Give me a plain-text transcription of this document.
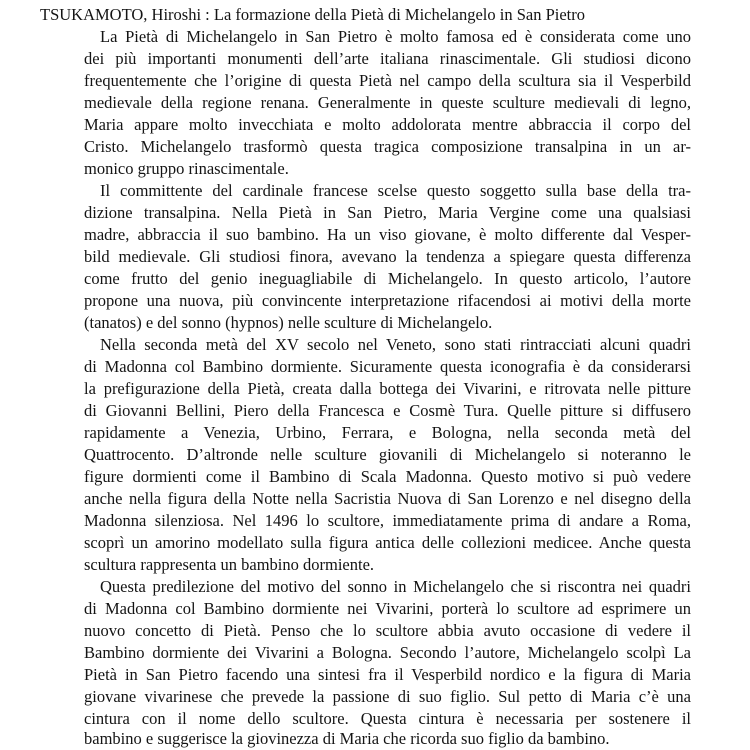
TSUKAMOTO, Hiroshi : La formazione della Pietà di Michelangelo in San Pietro
La Pietà di Michelangelo in San Pietro è molto famosa ed è considerata come uno
dei più importanti monumenti dell’arte italiana rinascimentale. Gli studiosi dicono
frequentemente che l’origine di questa Pietà nel campo della scultura sia il Vesperbild
medievale della regione renana. Generalmente in queste sculture medievali di legno,
Maria appare molto invecchiata e molto addolorata mentre abbraccia il corpo del
Cristo. Michelangelo trasformò questa tragica composizione transalpina in un ar-
monico gruppo rinascimentale.
Il committente del cardinale francese scelse questo soggetto sulla base della tra-
dizione transalpina. Nella Pietà in San Pietro, Maria Vergine come una qualsiasi
madre, abbraccia il suo bambino. Ha un viso giovane, è molto differente dal Vesper-
bild medievale. Gli studiosi finora, avevano la tendenza a spiegare questa differenza
come frutto del genio ineguagliabile di Michelangelo. In questo articolo, l’autore
propone una nuova, più convincente interpretazione rifacendosi ai motivi della morte
(tanatos) e del sonno (hypnos) nelle sculture di Michelangelo.
Nella seconda metà del XV secolo nel Veneto, sono stati rintracciati alcuni quadri
di Madonna col Bambino dormiente. Sicuramente questa iconografia è da considerarsi
la prefigurazione della Pietà, creata dalla bottega dei Vivarini, e ritrovata nelle pitture
di Giovanni Bellini, Piero della Francesca e Cosmè Tura. Quelle pitture si diffusero
rapidamente a Venezia, Urbino, Ferrara, e Bologna, nella seconda metà del
Quattrocento. D’altronde nelle sculture giovanili di Michelangelo si noteranno le
figure dormienti come il Bambino di Scala Madonna. Questo motivo si può vedere
anche nella figura della Notte nella Sacristia Nuova di San Lorenzo e nel disegno della
Madonna silenziosa. Nel 1496 lo scultore, immediatamente prima di andare a Roma,
scoprì un amorino modellato sulla figura antica delle collezioni medicee. Anche questa
scultura rappresenta un bambino dormiente.
Questa predilezione del motivo del sonno in Michelangelo che si riscontra nei quadri
di Madonna col Bambino dormiente nei Vivarini, porterà lo scultore ad esprimere un
nuovo concetto di Pietà. Penso che lo scultore abbia avuto occasione di vedere il
Bambino dormiente dei Vivarini a Bologna. Secondo l’autore, Michelangelo scolpì La
Pietà in San Pietro facendo una sintesi fra il Vesperbild nordico e la figura di Maria
giovane vivarinese che prevede la passione di suo figlio. Sul petto di Maria c’è una
cintura con il nome dello scultore. Questa cintura è necessaria per sostenere il
bambino e suggerisce la giovinezza di Maria che ricorda suo figlio da bambino.
